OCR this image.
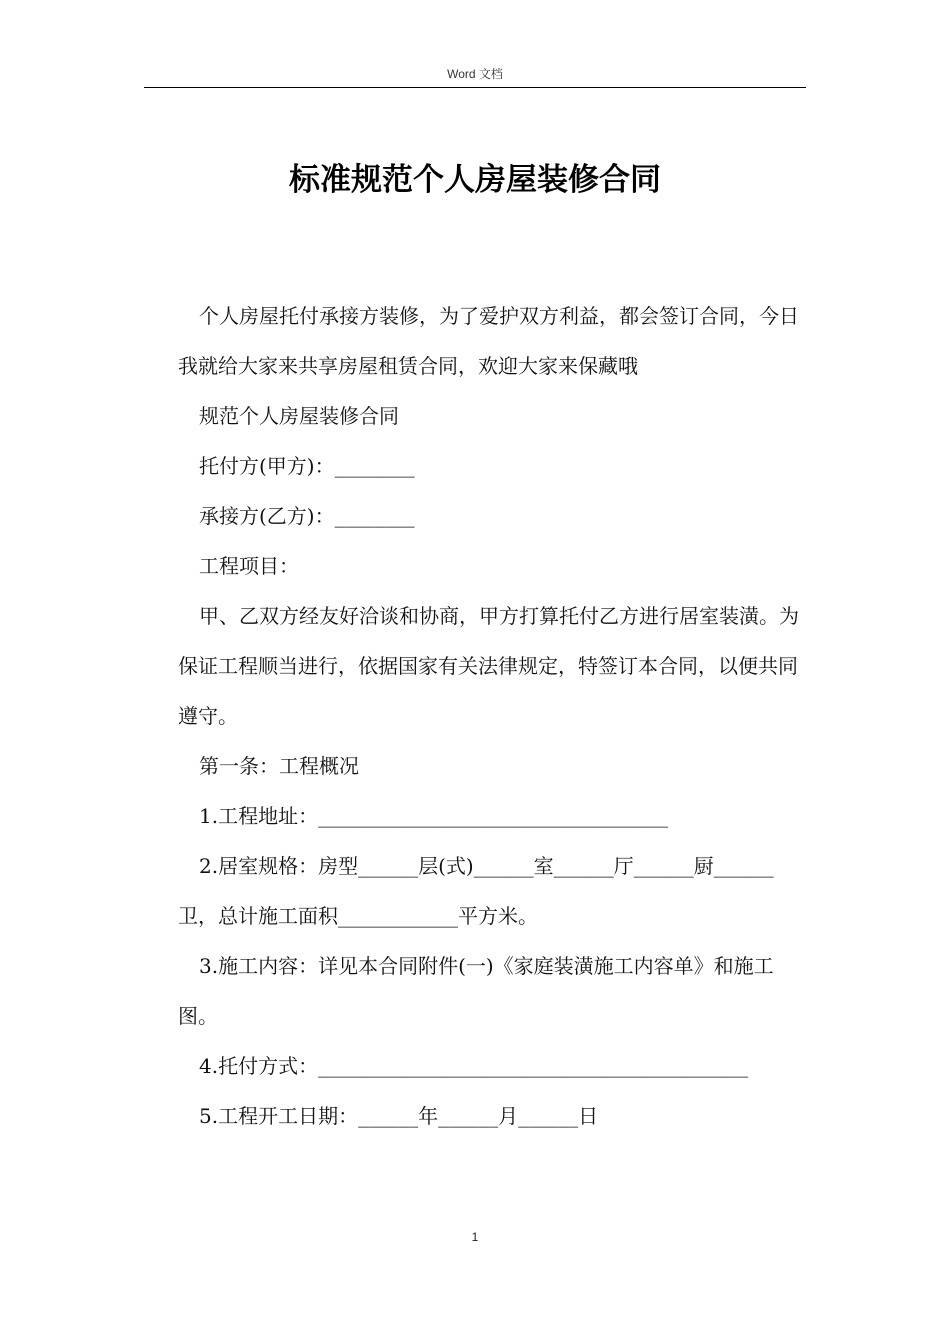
Word 文档
标准规范个人房屋装修合同

个人房屋托付承接方装修，为了爱护双方利益，都会签订合同，今日我就给大家来共享房屋租赁合同，欢迎大家来保藏哦

规范个人房屋装修合同

托付方(甲方)：________

承接方(乙方)：________

工程项目：

甲、乙双方经友好洽谈和协商，甲方打算托付乙方进行居室装潢。为保证工程顺当进行，依据国家有关法律规定，特签订本合同，以便共同遵守。

第一条：工程概况

1.工程地址：___________________________________

2.居室规格：房型______层(式)______室______厅______厨______卫，总计施工面积____________平方米。

3.施工内容：详见本合同附件(一)《家庭装潢施工内容单》和施工图。

4.托付方式：___________________________________________

5.工程开工日期：______年______月______日

1
